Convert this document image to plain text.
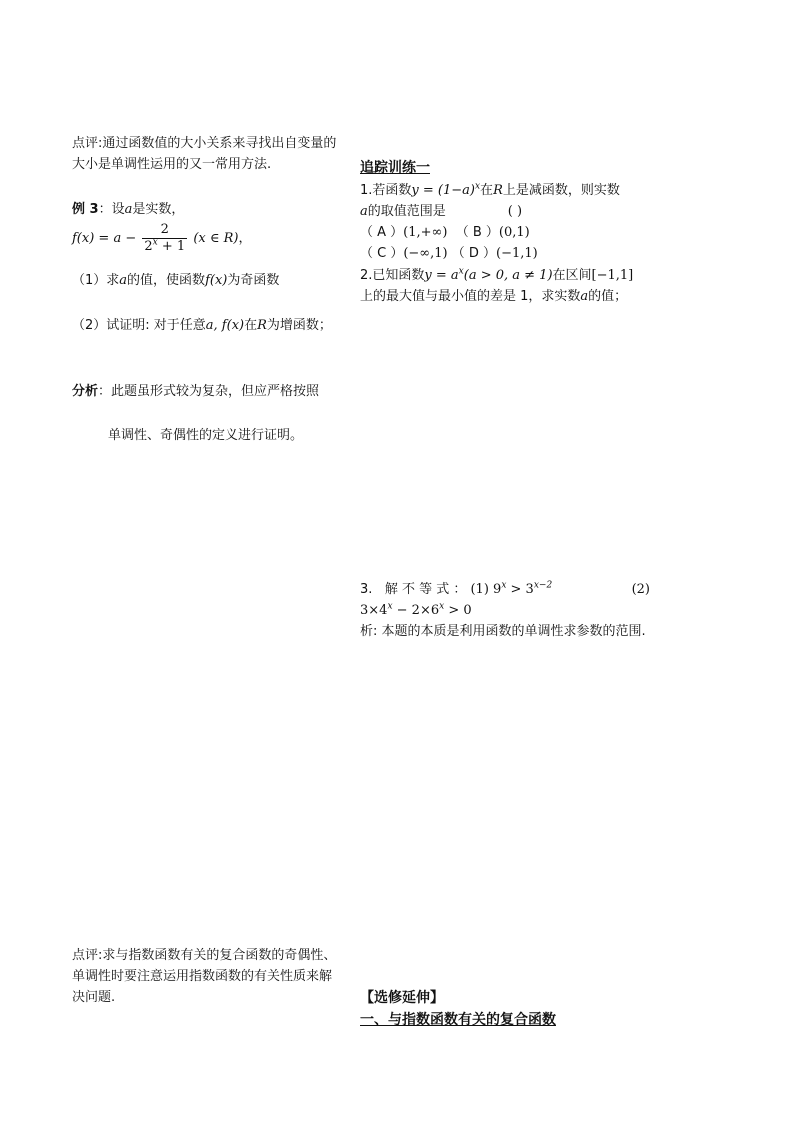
点评:通过函数值的大小关系来寻找出自变量的大小是单调性运用的又一常用方法.
例 3：设a是实数，
$f(x) = a - \frac{2}{2^x + 1} (x$ ∈ R)，
（1）求a的值，使函数f(x)为奇函数
（2）试证明: 对于任意a, f(x)在R为增函数；
分析：此题虽形式较为复杂，但应严格按照
单调性、奇偶性的定义进行证明。
点评:求与指数函数有关的复合函数的奇偶性、单调性时要注意运用指数函数的有关性质来解决问题.
追踪训练一
1.若函数$y = (1-a)^x$在R上是减函数，则实数
a的取值范围是	( )
（ A ）(1,+∞) （ B ）(0,1)
（ C ）(−∞,1) （ D ）(−1,1)
2.已知函数$y = a^x(a > 0$, a ≠ 1)在区间[−1,1]
上的最大值与最小值的差是 1，求实数a的值；
3. 解 不 等 式 ： (1) $9^x > 3^{x-2}$	(2)
$3\times 4^x - 2\times 6^x > 0$
析: 本题的本质是利用函数的单调性求参数的范围.
【选修延伸】
一、与指数函数有关的复合函数
